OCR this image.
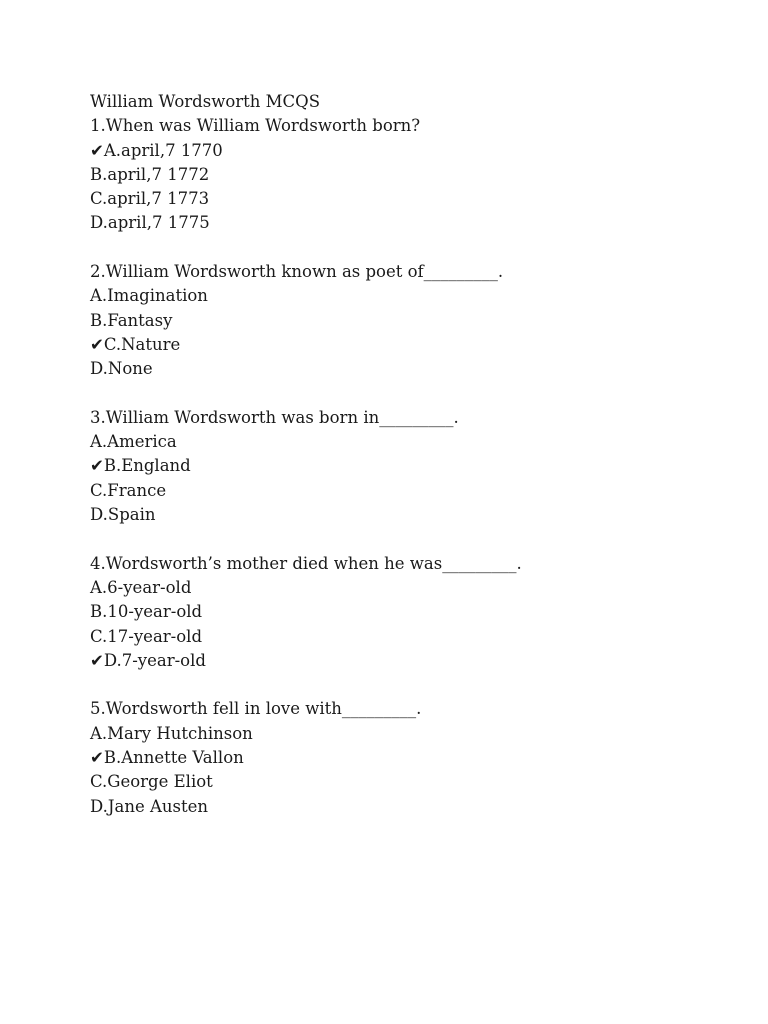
William Wordsworth MCQS
1.When was William Wordsworth born?
✔A.april,7 1770
B.april,7 1772
C.april,7 1773
D.april,7 1775
2.William Wordsworth known as poet of_________.
A.Imagination
B.Fantasy
✔C.Nature
D.None
3.William Wordsworth was born in_________.
A.America
✔B.England
C.France
D.Spain
4.Wordsworth’s mother died when he was_________.
A.6-year-old
B.10-year-old
C.17-year-old
✔D.7-year-old
5.Wordsworth fell in love with_________.
A.Mary Hutchinson
✔B.Annette Vallon
C.George Eliot
D.Jane Austen
